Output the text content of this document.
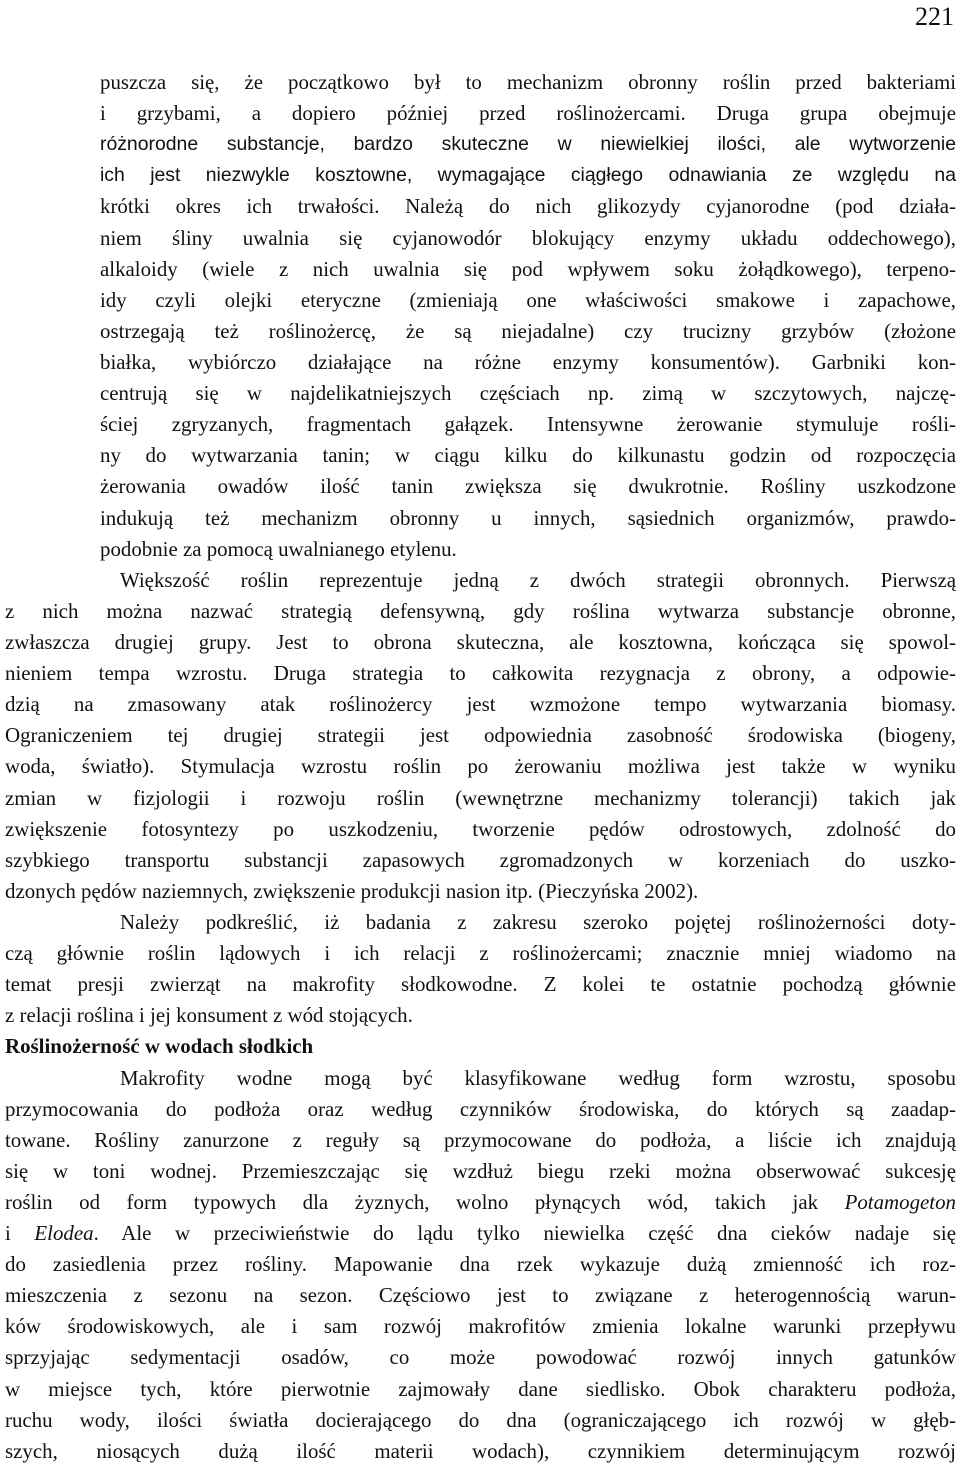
221
puszcza się, że początkowo był to mechanizm obronny roślin przed bakteriami
i grzybami, a dopiero później przed roślinożercami. Druga grupa obejmuje
różnorodne substancje, bardzo skuteczne w niewielkiej ilości, ale wytworzenie
ich jest niezwykle kosztowne, wymagające ciągłego odnawiania ze względu na
krótki okres ich trwałości. Należą do nich glikozydy cyjanorodne (pod działa-
niem śliny uwalnia się cyjanowodór blokujący enzymy układu oddechowego),
alkaloidy (wiele z nich uwalnia się pod wpływem soku żołądkowego), terpeno-
idy czyli olejki eteryczne (zmieniają one właściwości smakowe i zapachowe,
ostrzegają też roślinożercę, że są niejadalne) czy trucizny grzybów (złożone
białka, wybiórczo działające na różne enzymy konsumentów). Garbniki kon-
centrują się w najdelikatniejszych częściach np. zimą w szczytowych, najczę-
ściej zgryzanych, fragmentach gałązek. Intensywne żerowanie stymuluje rośli-
ny do wytwarzania tanin; w ciągu kilku do kilkunastu godzin od rozpoczęcia
żerowania owadów ilość tanin zwiększa się dwukrotnie. Rośliny uszkodzone
indukują też mechanizm obronny u innych, sąsiednich organizmów, prawdo-
podobnie za pomocą uwalnianego etylenu.
Większość roślin reprezentuje jedną z dwóch strategii obronnych. Pierwszą
z nich można nazwać strategią defensywną, gdy roślina wytwarza substancje obronne,
zwłaszcza drugiej grupy. Jest to obrona skuteczna, ale kosztowna, kończąca się spowol-
nieniem tempa wzrostu. Druga strategia to całkowita rezygnacja z obrony, a odpowie-
dzią na zmasowany atak roślinożercy jest wzmożone tempo wytwarzania biomasy.
Ograniczeniem tej drugiej strategii jest odpowiednia zasobność środowiska (biogeny,
woda, światło). Stymulacja wzrostu roślin po żerowaniu możliwa jest także w wyniku
zmian w fizjologii i rozwoju roślin (wewnętrzne mechanizmy tolerancji) takich jak
zwiększenie fotosyntezy po uszkodzeniu, tworzenie pędów odrostowych, zdolność do
szybkiego transportu substancji zapasowych zgromadzonych w korzeniach do uszko-
dzonych pędów naziemnych, zwiększenie produkcji nasion itp. (Pieczyńska 2002).
Należy podkreślić, iż badania z zakresu szeroko pojętej roślinożerności doty-
czą głównie roślin lądowych i ich relacji z roślinożercami; znacznie mniej wiadomo na
temat presji zwierząt na makrofity słodkowodne. Z kolei te ostatnie pochodzą głównie
z relacji roślina i jej konsument z wód stojących.
Roślinożerność w wodach słodkich
Makrofity wodne mogą być klasyfikowane według form wzrostu, sposobu
przymocowania do podłoża oraz według czynników środowiska, do których są zaadap-
towane. Rośliny zanurzone z reguły są przymocowane do podłoża, a liście ich znajdują
się w toni wodnej. Przemieszczając się wzdłuż biegu rzeki można obserwować sukcesję
roślin od form typowych dla żyznych, wolno płynących wód, takich jak Potamogeton
i Elodea. Ale w przeciwieństwie do lądu tylko niewielka część dna cieków nadaje się
do zasiedlenia przez rośliny. Mapowanie dna rzek wykazuje dużą zmienność ich roz-
mieszczenia z sezonu na sezon. Częściowo jest to związane z heterogennością warun-
ków środowiskowych, ale i sam rozwój makrofitów zmienia lokalne warunki przepływu
sprzyjając sedymentacji osadów, co może powodować rozwój innych gatunków
w miejsce tych, które pierwotnie zajmowały dane siedlisko. Obok charakteru podłoża,
ruchu wody, ilości światła docierającego do dna (ograniczającego ich rozwój w głęb-
szych, niosących dużą ilość materii wodach), czynnikiem determinującym rozwój
